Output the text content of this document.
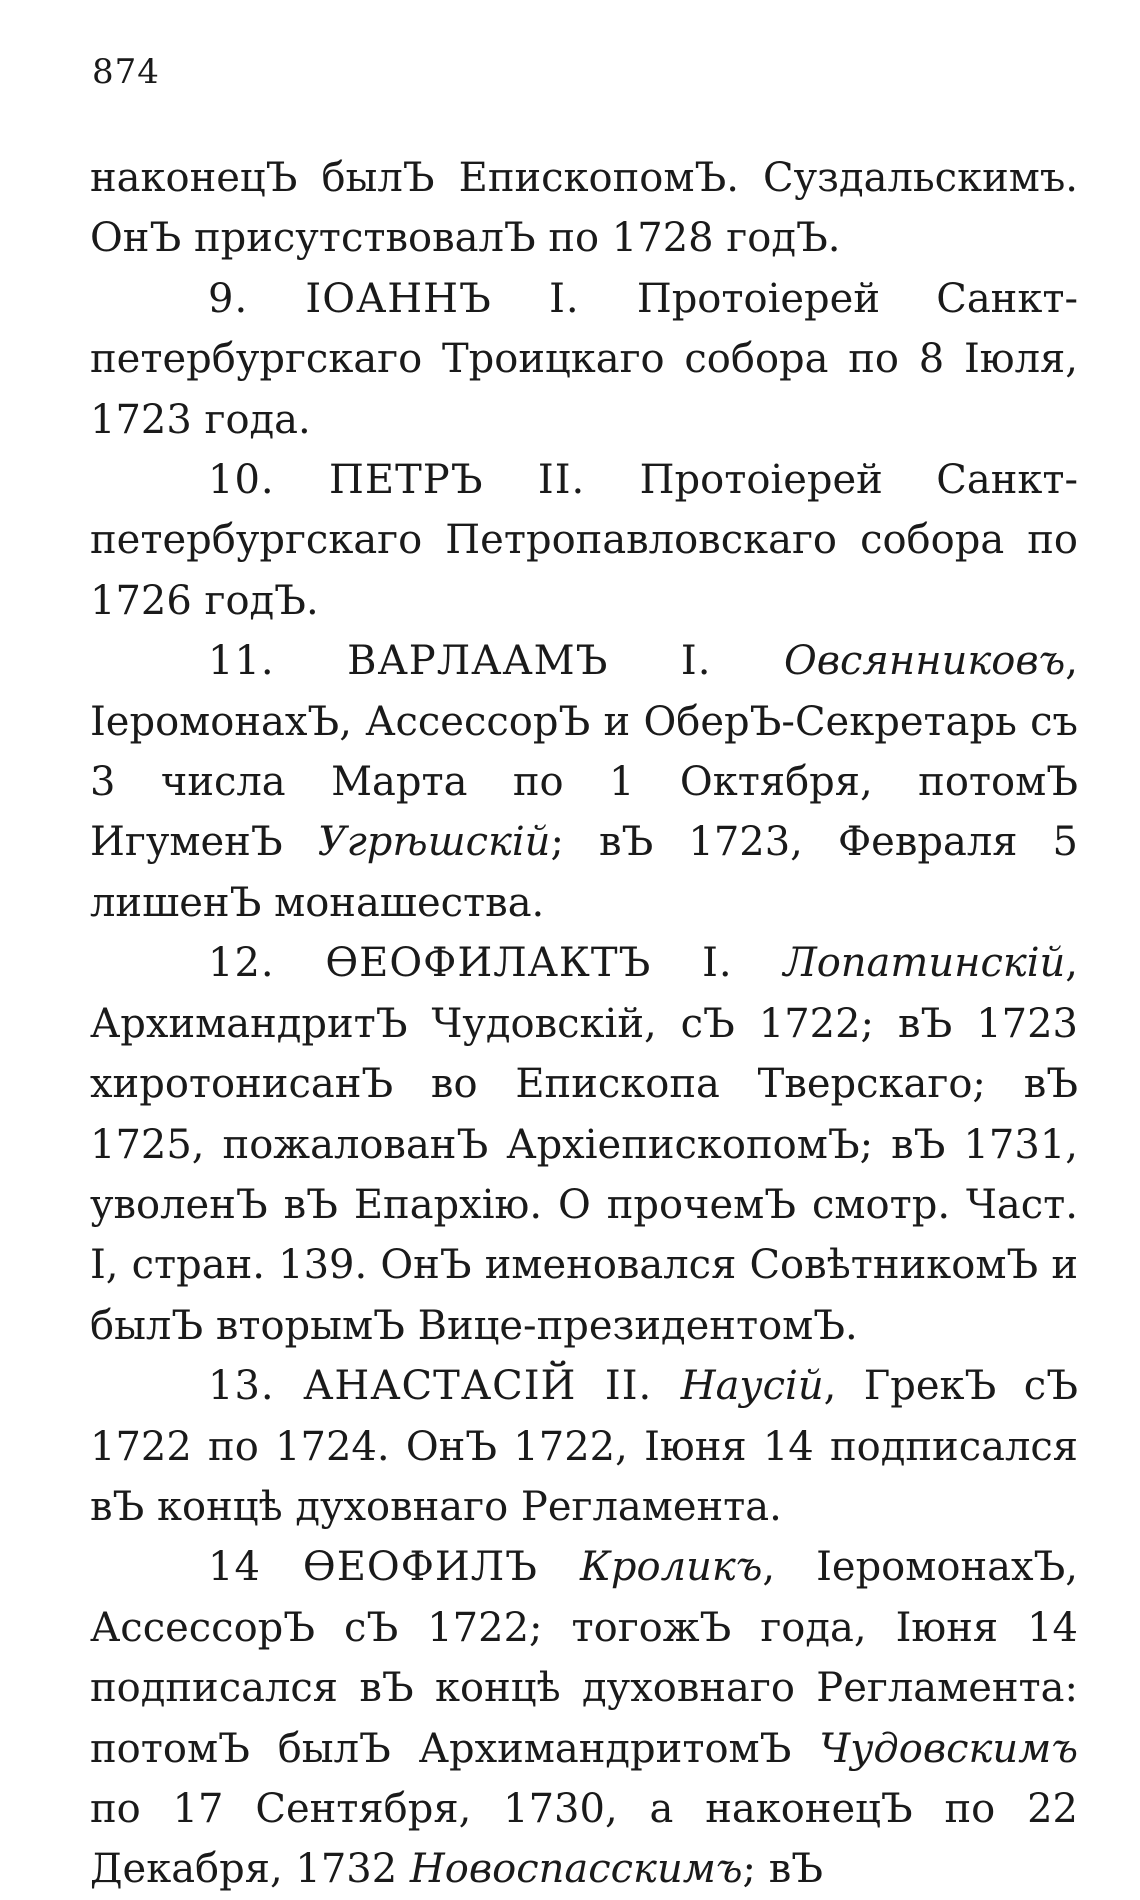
874

наконецЪ былЪ ЕпископомЪ. Суздальскимъ. ОнЪ присутствовалЪ по 1728 годЪ.

9. ІОАННЪ I. Протоіерей Санкт-петербургскаго Троицкаго собора по 8 Іюля, 1723 года.

10. ПЕТРЪ II. Протоіерей Санкт-петербургскаго Петропавловскаго собора по 1726 годЪ.

11. ВАРЛААМЪ I. Овсянниковъ, ІеромонахЪ, АссессорЪ и ОберЪ-Секретарь съ 3 числа Марта по 1 Октября, потомЪ ИгуменЪ Угрѣшскій; вЪ 1723, Февраля 5 лишенЪ монашества.

12. ѲЕОФИЛАКТЪ I. Лопатинскій, АрхимандритЪ Чудовскій, сЪ 1722; вЪ 1723 хиротонисанЪ во Епископа Тверскаго; вЪ 1725, пожалованЪ АрхіепископомЪ; вЪ 1731, уволенЪ вЪ Епархію. О прочемЪ смотр. Част. I, стран. 139. ОнЪ именовался СовѣтникомЪ и былЪ вторымЪ Вице-президентомЪ.

13. АНАСТАСІЙ II. Наусій, ГрекЪ сЪ 1722 по 1724. ОнЪ 1722, Іюня 14 подписался вЪ концѣ духовнаго Регламента.

14 ѲЕОФИЛЪ Кроликъ, ІеромонахЪ, АссессорЪ сЪ 1722; тогожЪ года, Іюня 14 подписался вЪ концѣ духовнаго Регламента: потомЪ былЪ АрхимандритомЪ Чудовскимъ по 17 Сентября, 1730, а наконецЪ по 22 Декабря, 1732 Новоспасскимъ; вЪ
